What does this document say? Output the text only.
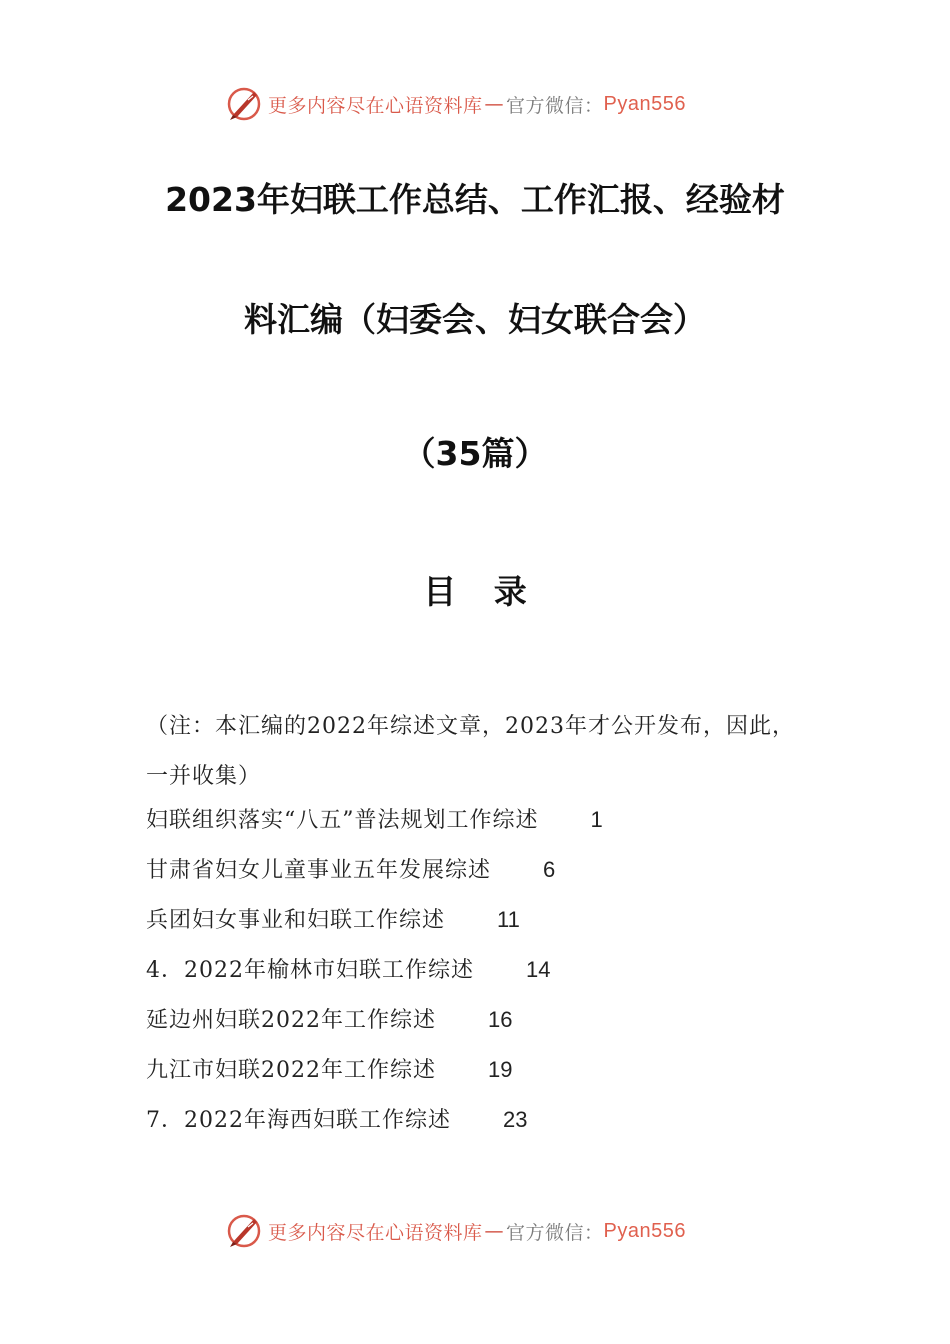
更多内容尽在心语资料库 — 官方微信： Pyan556
2023年妇联工作总结、工作汇报、经验材
料汇编（妇委会、妇女联合会）
（35篇）
目 录
（注：本汇编的2022年综述文章，2023年才公开发布，因此，一并收集）
妇联组织落实“八五”普法规划工作综述 1
甘肃省妇女儿童事业五年发展综述 6
兵团妇女事业和妇联工作综述 11
4．2022年榆林市妇联工作综述 14
延边州妇联2022年工作综述 16
九江市妇联2022年工作综述 19
7．2022年海西妇联工作综述 23
更多内容尽在心语资料库 — 官方微信： Pyan556
